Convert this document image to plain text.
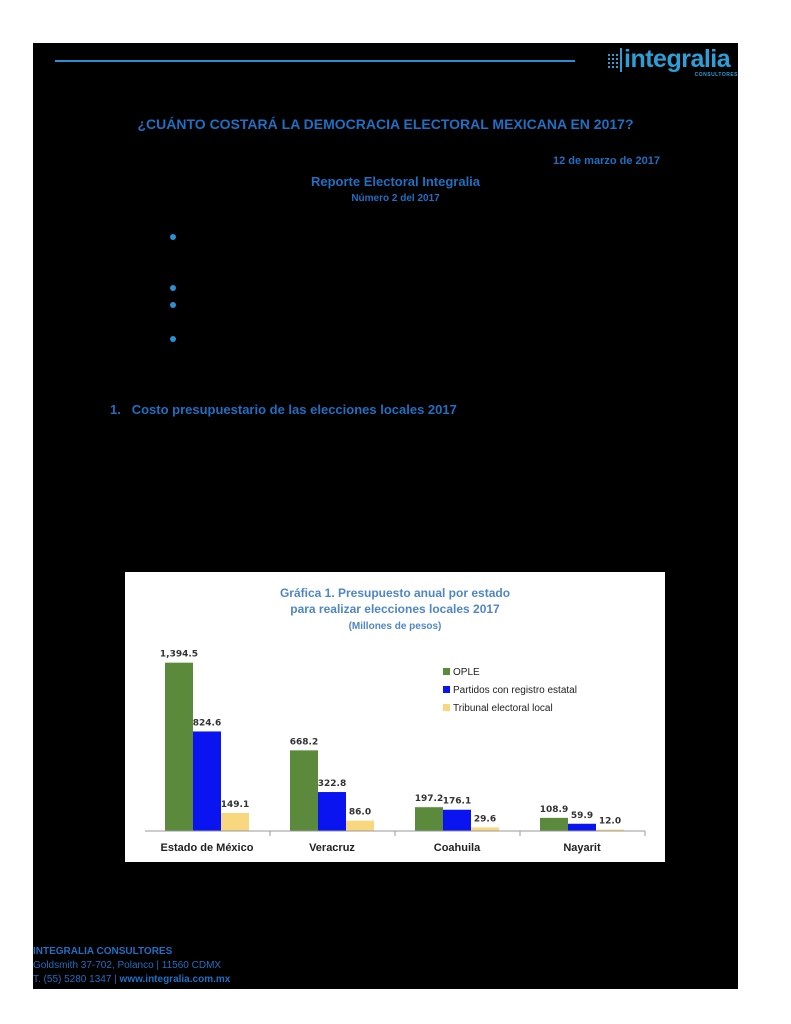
integralia
CONSULTORES
¿CUÁNTO COSTARÁ LA DEMOCRACIA ELECTORAL MEXICANA EN 2017?
12 de marzo de 2017
Reporte Electoral Integralia
Número 2 del 2017
1. Costo presupuestario de las elecciones locales 2017
Gráfica 1. Presupuesto anual por estado
para realizar elecciones locales 2017
(Millones de pesos)
1,394.5
824.6
149.1
668.2
322.8
86.0
197.2 176.1
29.6
108.9
59.9
12.0
Estado de México	Veracruz	Coahuila	Nayarit
OPLE
Partidos con registro estatal
Tribunal electoral local
INTEGRALIA CONSULTORES
Goldsmith 37-702, Polanco | 11560 CDMX
T. (55) 5280 1347 | www.integralia.com.mx
